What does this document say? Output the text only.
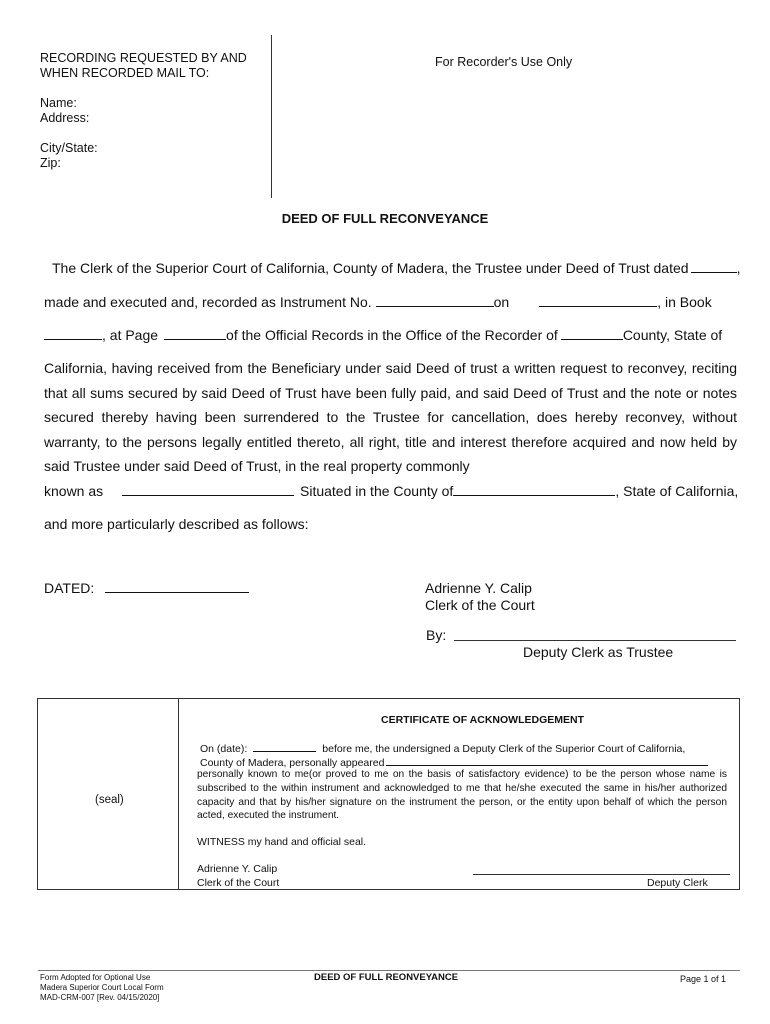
RECORDING REQUESTED BY AND
WHEN RECORDED MAIL TO:
Name:
Address:
City/State:
Zip:
For Recorder's Use Only
DEED OF FULL RECONVEYANCE
The Clerk of the Superior Court of California, County of Madera, the Trustee under Deed of Trust dated	,
made and executed and, recorded as Instrument No.	on	, in Book
, at Page	of the Official Records in the Office of the Recorder of	County, State of
California, having received from the Beneficiary under said Deed of trust a written request to reconvey, reciting that all sums secured by said Deed of Trust have been fully paid, and said Deed of Trust and the note or notes secured thereby having been surrendered to the Trustee for cancellation, does hereby reconvey, without warranty, to the persons legally entitled thereto, all right, title and interest therefore acquired and now held by said Trustee under said Deed of Trust, in the real property commonly
known as	Situated in the County of	, State of California,
and more particularly described as follows:
DATED:	Adrienne Y. Calip
Clerk of the Court
By:
Deputy Clerk as Trustee
(seal)
CERTIFICATE OF ACKNOWLEDGEMENT
On (date):	before me, the undersigned a Deputy Clerk of the Superior Court of California,
County of Madera, personally appeared
personally known to me(or proved to me on the basis of satisfactory evidence) to be the person whose name is subscribed to the within instrument and acknowledged to me that he/she executed the same in his/her authorized capacity and that by his/her signature on the instrument the person, or the entity upon behalf of which the person acted, executed the instrument.
WITNESS my hand and official seal.
Adrienne Y. Calip
Clerk of the Court	Deputy Clerk
Form Adopted for Optional Use
Madera Superior Court Local Form
MAD-CRM-007 [Rev. 04/15/2020]
DEED OF FULL REONVEYANCE	Page 1 of 1
